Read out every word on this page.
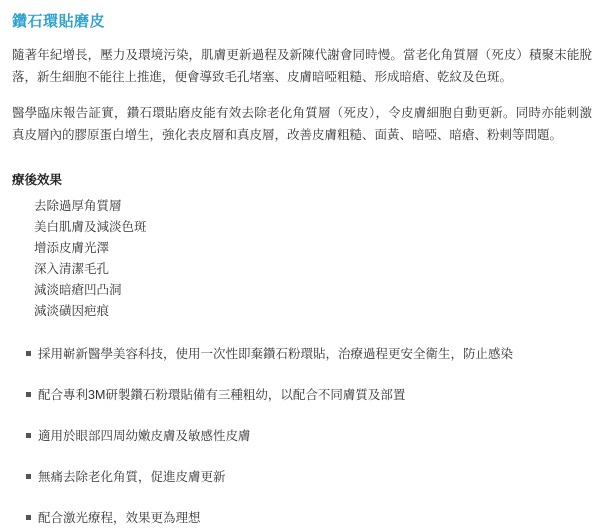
鑽石環貼磨皮

隨著年紀增長，壓力及環境污染，肌膚更新過程及新陳代謝會同時慢。當老化角質層（死皮）積聚末能脫落，新生細胞不能往上推進，便會導致毛孔堵塞、皮膚暗啞粗糙、形成暗瘡、乾紋及色斑。

醫學臨床報告証實，鑽石環貼磨皮能有效去除老化角質層（死皮），令皮膚細胞自動更新。同時亦能刺激真皮層內的膠原蛋白增生，強化表皮層和真皮層，改善皮膚粗糙、面黃、暗啞、暗瘡、粉刺等問題。

療後效果
去除過厚角質層
美白肌膚及減淡色斑
增添皮膚光澤
深入清潔毛孔
減淡暗瘡凹凸洞
減淡磺因疤痕
採用嶄新醫學美容科技，使用一次性即棄鑽石粉環貼，治療過程更安全衛生，防止感染
配合專利3M研製鑽石粉環貼備有三種粗幼，以配合不同膚質及部置
適用於眼部四周幼嫩皮膚及敏感性皮膚
無痛去除老化角質，促進皮膚更新
配合激光療程，效果更為理想
